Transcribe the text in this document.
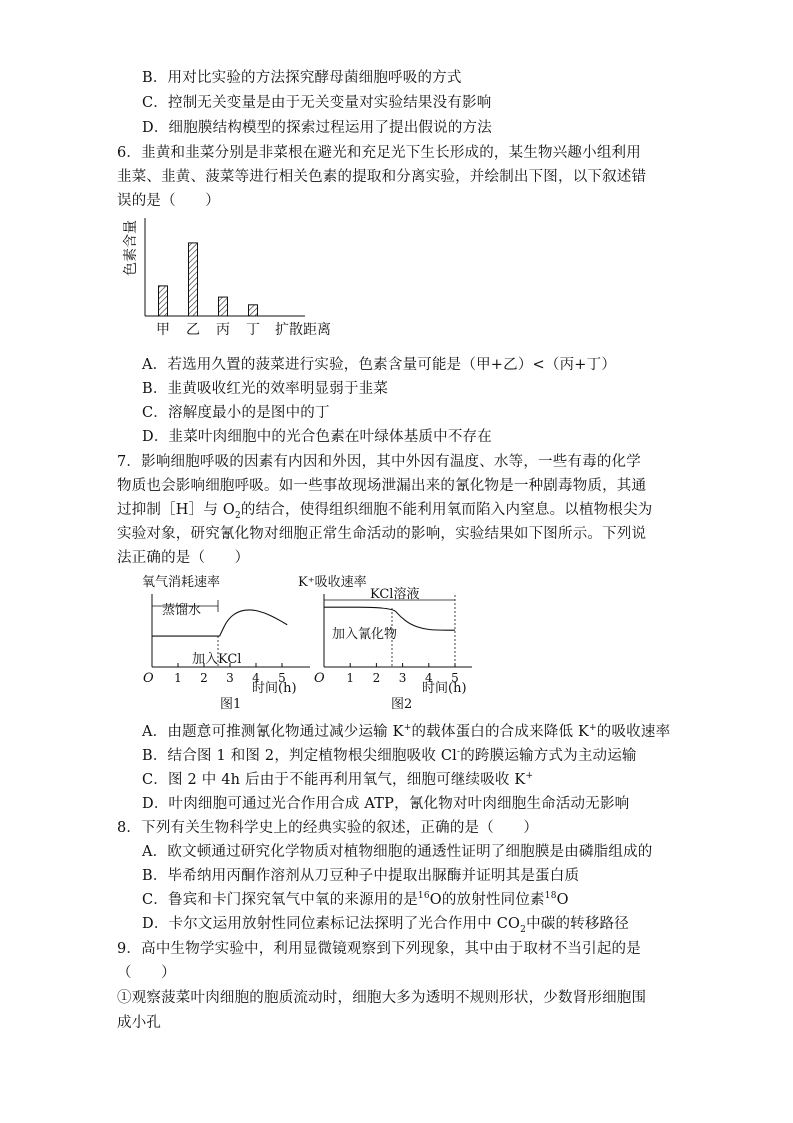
B．用对比实验的方法探究酵母菌细胞呼吸的方式
C．控制无关变量是由于无关变量对实验结果没有影响
D．细胞膜结构模型的探索过程运用了提出假说的方法
6．韭黄和韭菜分别是非菜根在避光和充足光下生长形成的，某生物兴趣小组利用
韭菜、韭黄、菠菜等进行相关色素的提取和分离实验，并绘制出下图，以下叙述错
误的是（　　）
色素含量
甲 乙 丙 丁 扩散距离
A．若选用久置的菠菜进行实验，色素含量可能是（甲+乙）<（丙+丁）
B．韭黄吸收红光的效率明显弱于韭菜
C．溶解度最小的是图中的丁
D．韭菜叶肉细胞中的光合色素在叶绿体基质中不存在
7．影响细胞呼吸的因素有内因和外因，其中外因有温度、水等，一些有毒的化学
物质也会影响细胞呼吸。如一些事故现场泄漏出来的氰化物是一种剧毒物质，其通
过抑制［H］与 $O_2$的结合，使得组织细胞不能利用氧而陷入内窒息。以植物根尖为
实验对象，研究氰化物对细胞正常生命活动的影响，实验结果如下图所示。下列说
法正确的是（　　）
氧气消耗速率
O 1 2 3 4 5
蒸馏水
加入KCl
时间(h)
图1
K⁺吸收速率
O 1 2 3 4 5
KCl溶液
加入氰化物
时间(h)
图2
A．由题意可推测氰化物通过减少运输 K+的载体蛋白的合成来降低 K+的吸收速率
B．结合图 1 和图 2，判定植物根尖细胞吸收 Cl-的跨膜运输方式为主动运输
C．图 2 中 4h 后由于不能再利用氧气，细胞可继续吸收 K+
D．叶肉细胞可通过光合作用合成 ATP，氰化物对叶肉细胞生命活动无影响
8．下列有关生物科学史上的经典实验的叙述，正确的是（　　）
A．欧文顿通过研究化学物质对植物细胞的通透性证明了细胞膜是由磷脂组成的
B．毕希纳用丙酮作溶剂从刀豆种子中提取出脲酶并证明其是蛋白质
C．鲁宾和卡门探究氧气中氧的来源用的是$^{16}$O的放射性同位素$^{18}$O
D．卡尔文运用放射性同位素标记法探明了光合作用中 $CO_2$中碳的转移路径
9．高中生物学实验中，利用显微镜观察到下列现象，其中由于取材不当引起的是
（　　）
①观察菠菜叶肉细胞的胞质流动时，细胞大多为透明不规则形状，少数肾形细胞围
成小孔
